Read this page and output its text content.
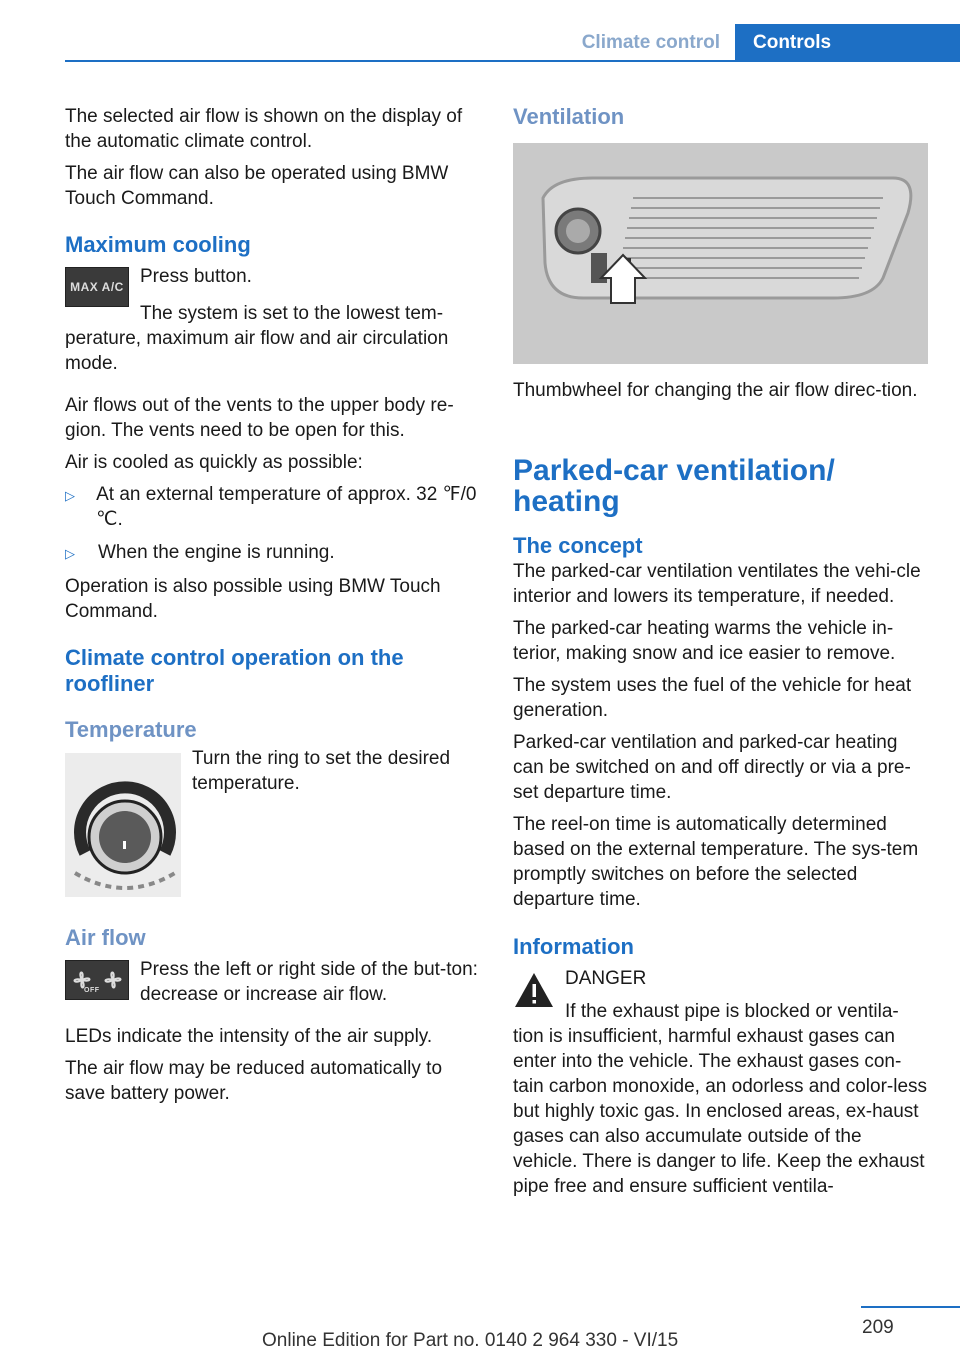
Climate control Controls

The selected air flow is shown on the display of the automatic climate control.

The air flow can also be operated using BMW Touch Command.

Maximum cooling
MAX A/C Press button.

The system is set to the lowest tem‐perature, maximum air flow and air circulation mode.

Air flows out of the vents to the upper body re‐gion. The vents need to be open for this.

Air is cooled as quickly as possible:

▷	At an external temperature of approx. 32 ℉/0 ℃.
▷	When the engine is running.

Operation is also possible using BMW Touch Command.

Climate control operation on the roofliner
Temperature

Turn the ring to set the desired temperature.

Air flow
OFF

Press the left or right side of the but‐ton: decrease or increase air flow.

LEDs indicate the intensity of the air supply.

The air flow may be reduced automatically to save battery power.

Ventilation

Thumbwheel for changing the air flow direc‐tion.

Parked-car ventilation/ heating
The concept

The parked-car ventilation ventilates the vehi‐cle interior and lowers its temperature, if needed.

The parked-car heating warms the vehicle in‐terior, making snow and ice easier to remove.

The system uses the fuel of the vehicle for heat generation.

Parked-car ventilation and parked-car heating can be switched on and off directly or via a pre‐set departure time.

The reel-on time is automatically determined based on the external temperature. The sys‐tem promptly switches on before the selected departure time.

Information

DANGER

If the exhaust pipe is blocked or ventila‐

tion is insufficient, harmful exhaust gases can enter into the vehicle. The exhaust gases con‐tain carbon monoxide, an odorless and color‐less but highly toxic gas. In enclosed areas, ex‐haust gases can also accumulate outside of the vehicle. There is danger to life. Keep the exhaust pipe free and ensure sufficient ventila‐

209
Online Edition for Part no. 0140 2 964 330 - VI/15
